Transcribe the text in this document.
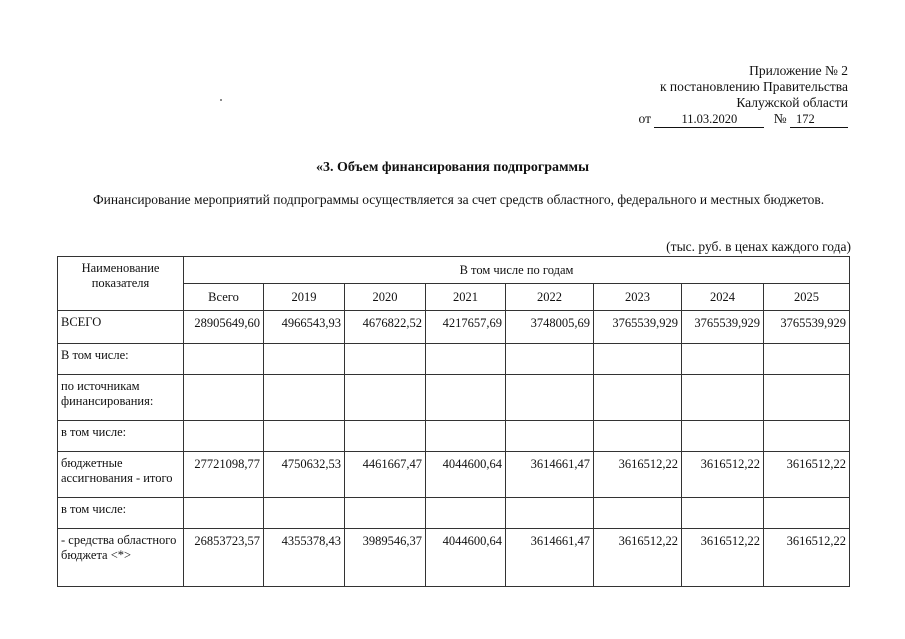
Приложение № 2
к постановлению Правительства
Калужской области
от 11.03.2020	№ 172
«3. Объем финансирования подпрограммы
Финансирование мероприятий подпрограммы осуществляется за счет средств областного, федерального и местных бюджетов.
(тыс. руб. в ценах каждого года)
Наименование показателя	В том числе по годам							
	Всего	2019	2020	2021	2022	2023	2024	2025
ВСЕГО	28905649,60	4966543,93	4676822,52	4217657,69	3748005,69	3765539,929	3765539,929	3765539,929
В том числе:								
по источникам финансирования:								
в том числе:								
бюджетные ассигнования - итого	27721098,77	4750632,53	4461667,47	4044600,64	3614661,47	3616512,22	3616512,22	3616512,22
в том числе:								
- средства областного бюджета <*>	26853723,57	4355378,43	3989546,37	4044600,64	3614661,47	3616512,22	3616512,22	3616512,22
